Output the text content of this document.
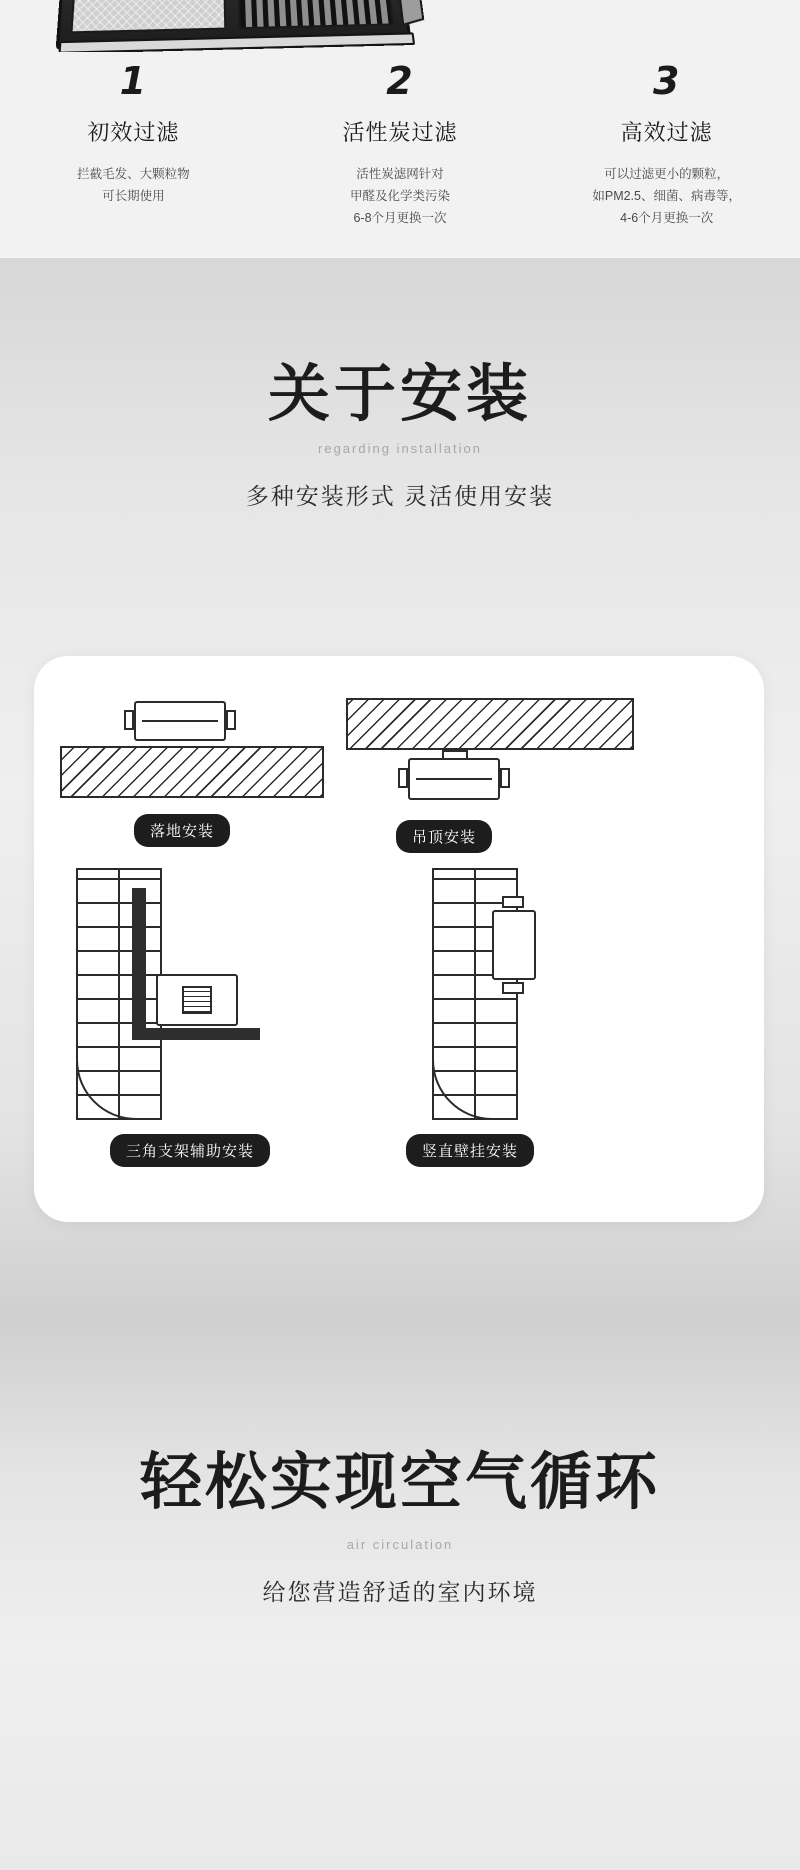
1
初效过滤
拦截毛发、大颗粒物
可长期使用
2
活性炭过滤
活性炭滤网针对
甲醛及化学类污染
6-8个月更换一次
3
高效过滤
可以过滤更小的颗粒，
如PM2.5、细菌、病毒等，
4-6个月更换一次
关于安装
regarding installation
多种安装形式 灵活使用安装
落地安装	吊顶安装
三角支架辅助安装	竖直壁挂安装
轻松实现空气循环
air circulation
给您营造舒适的室内环境
